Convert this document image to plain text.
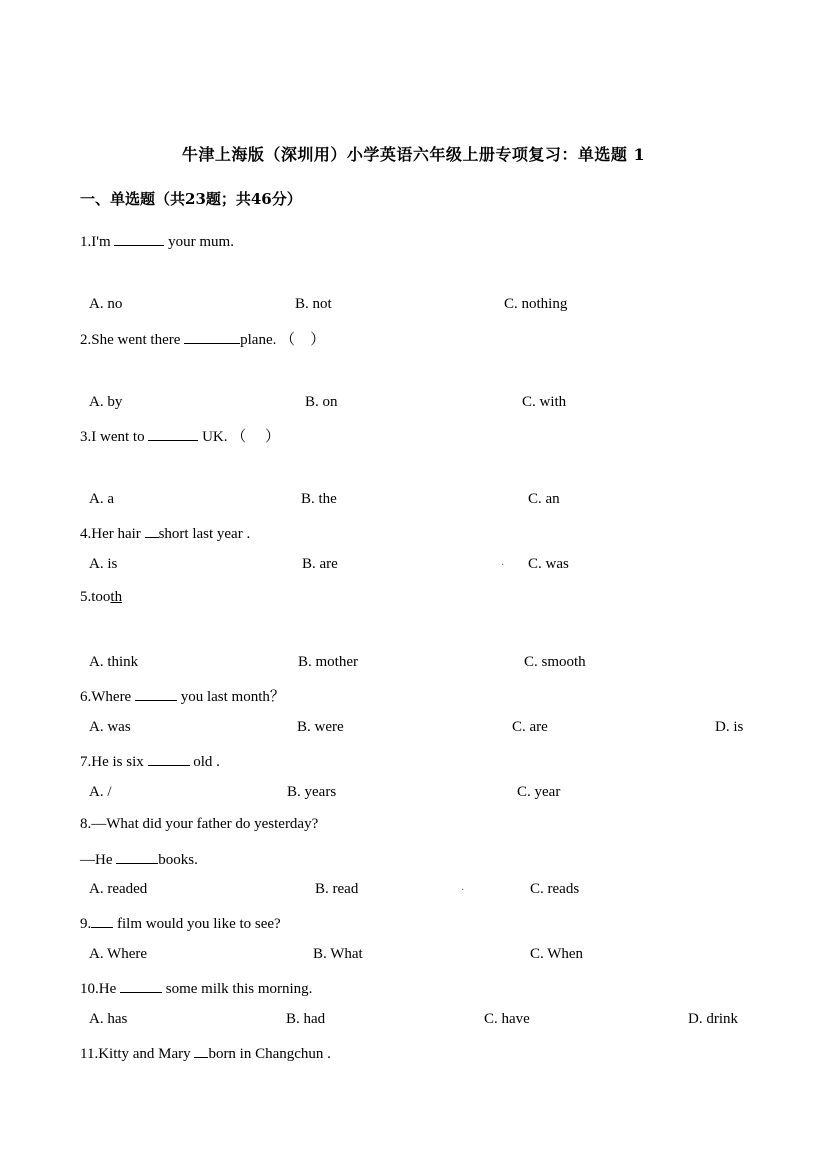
牛津上海版（深圳用）小学英语六年级上册专项复习：单选题 1
一、单选题（共23题；共46分）
1.I'm	your mum.
A. no	B. not	C. nothing
2.She went there	plane. （　）
A. by	B. on	C. with
3.I went to	UK. （　 ）
A. a	B. the	C. an
4.Her hair short last year .
A. is	B. are	· C. was
5.tooth
A. think	B. mother	C. smooth
6.Where	you last month？
A. was	B. were	C. are	D. is
7.He is six	old .
A. /	B. years	C. year
8.—What did your father do yesterday?
—He	books.
A. readed	B. read	·	C. reads
9. film would you like to see?
A. Where	B. What	C. When
10.He	some milk this morning.
A. has	B. had	C. have	D. drink
11.Kitty and Mary born in Changchun .
